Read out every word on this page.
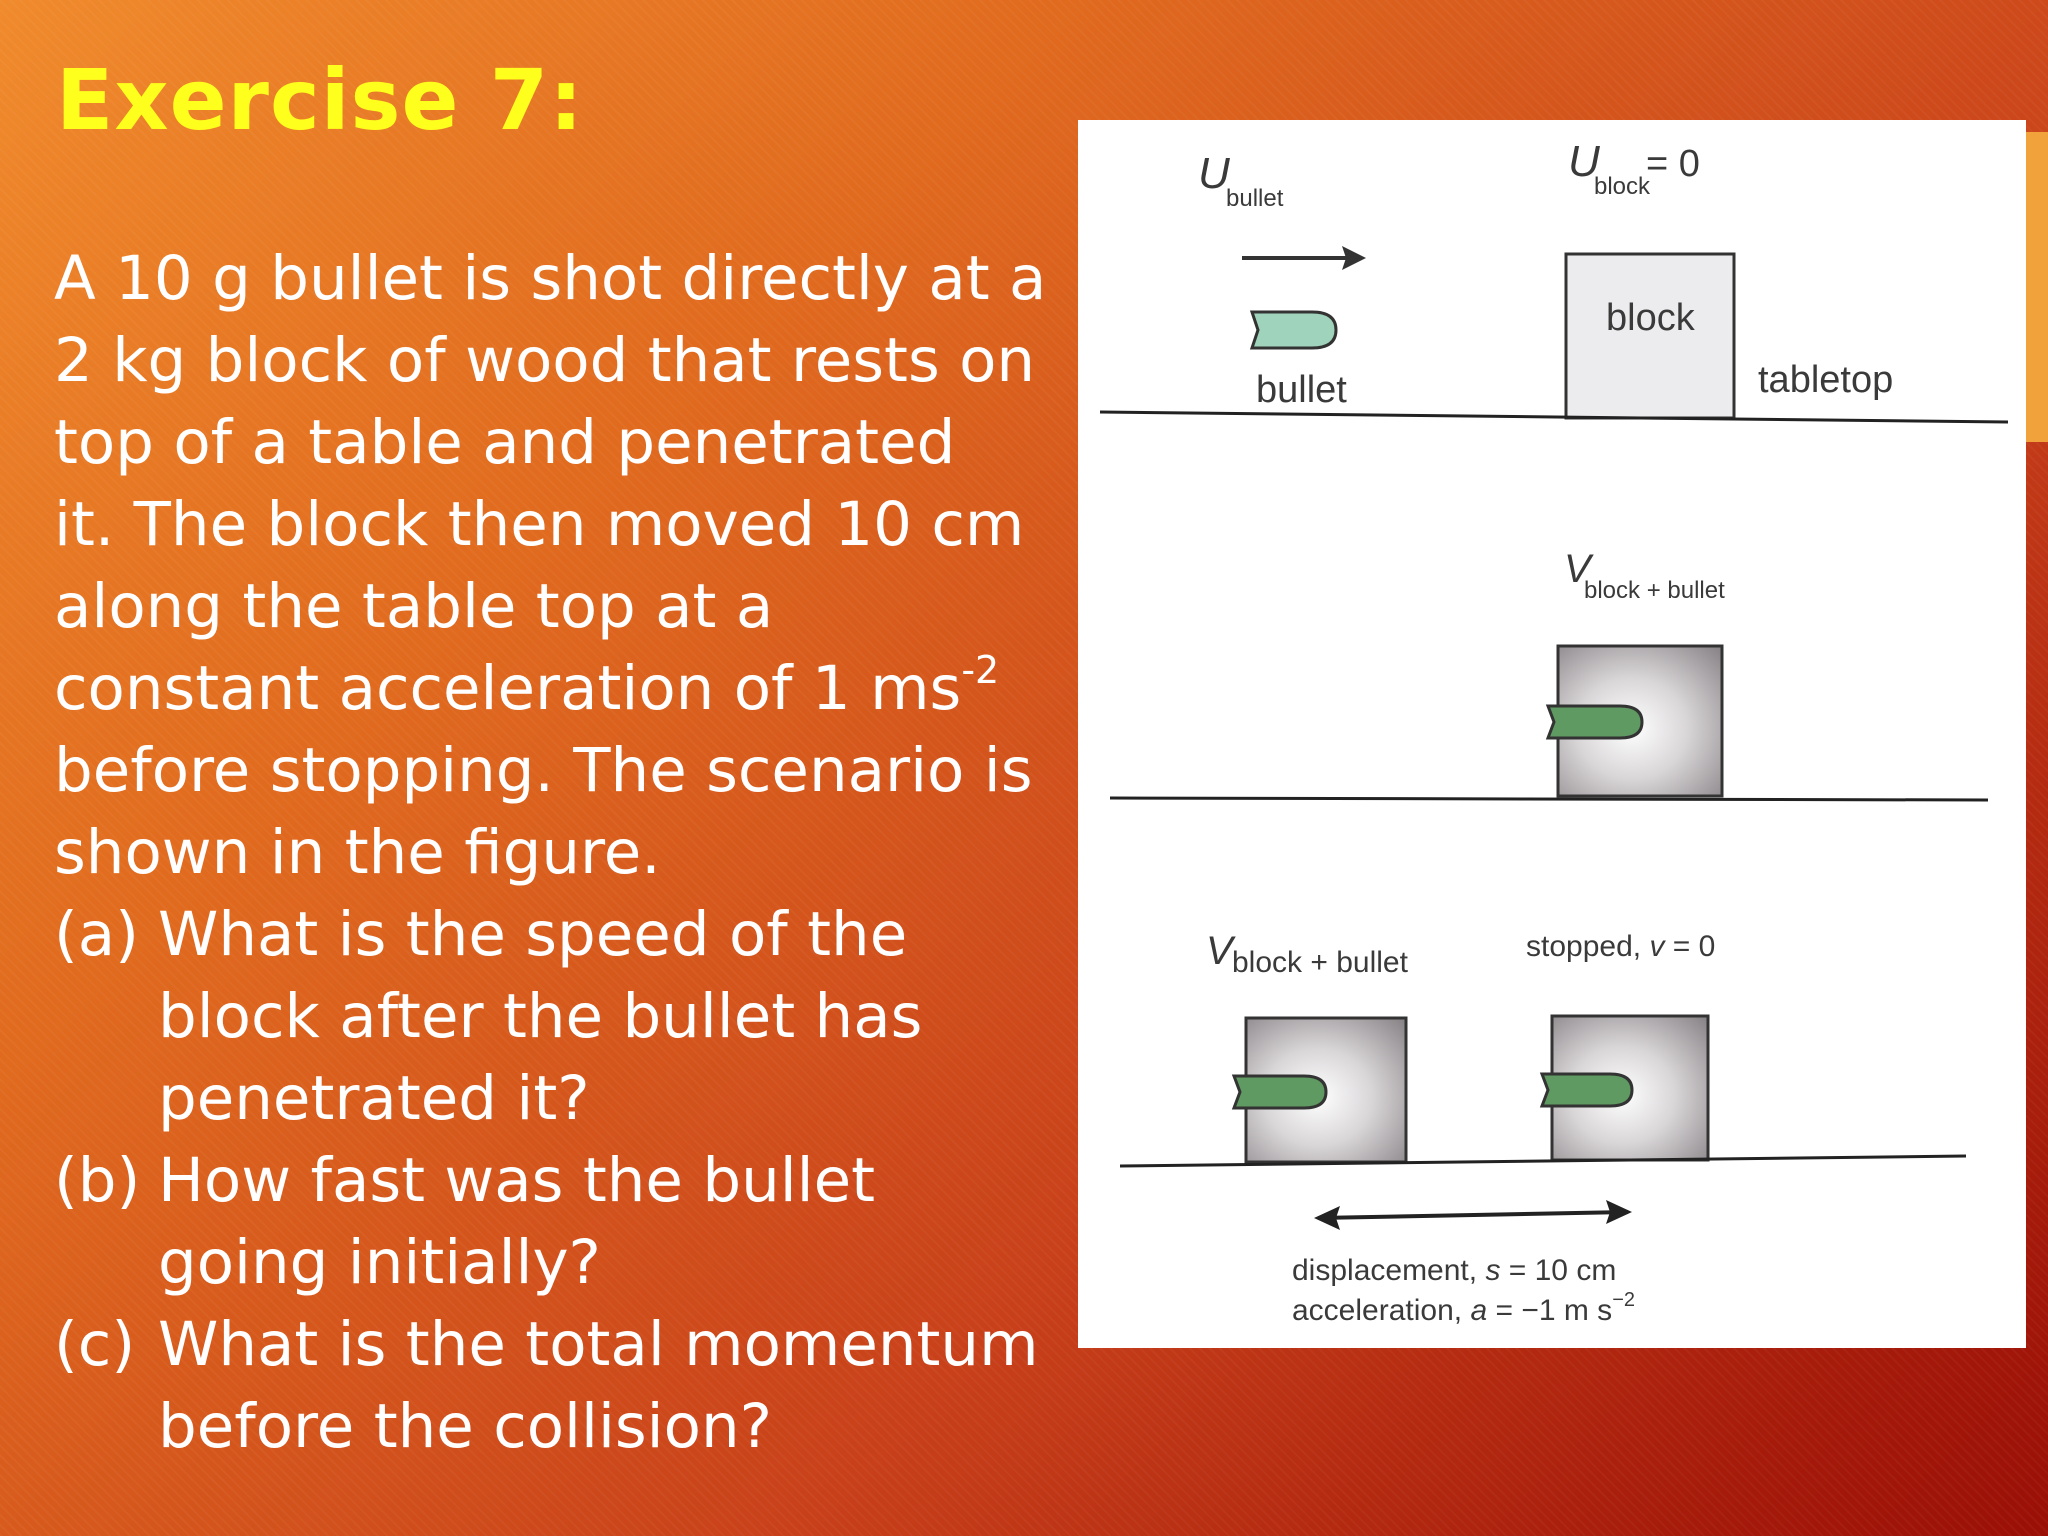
Exercise 7:

A 10 g bullet is shot directly at a

2 kg block of wood that rests on

top of a table and penetrated

it. The block then moved 10 cm

along the table top at a

constant acceleration of 1 $ms^{-2}$

before stopping. The scenario is

shown in the figure.

(a) What is the speed of the

block after the bullet has

penetrated it?

(b) How fast was the bullet

going initially?

(c) What is the total momentum

before the collision?

U
bullet
bullet
U
block
= 0
block
tabletop
V
block + bullet
V block + bullet	stopped, v = 0
displacement, s = 10 cm
acceleration, a = −1 m $s^{-2}$
